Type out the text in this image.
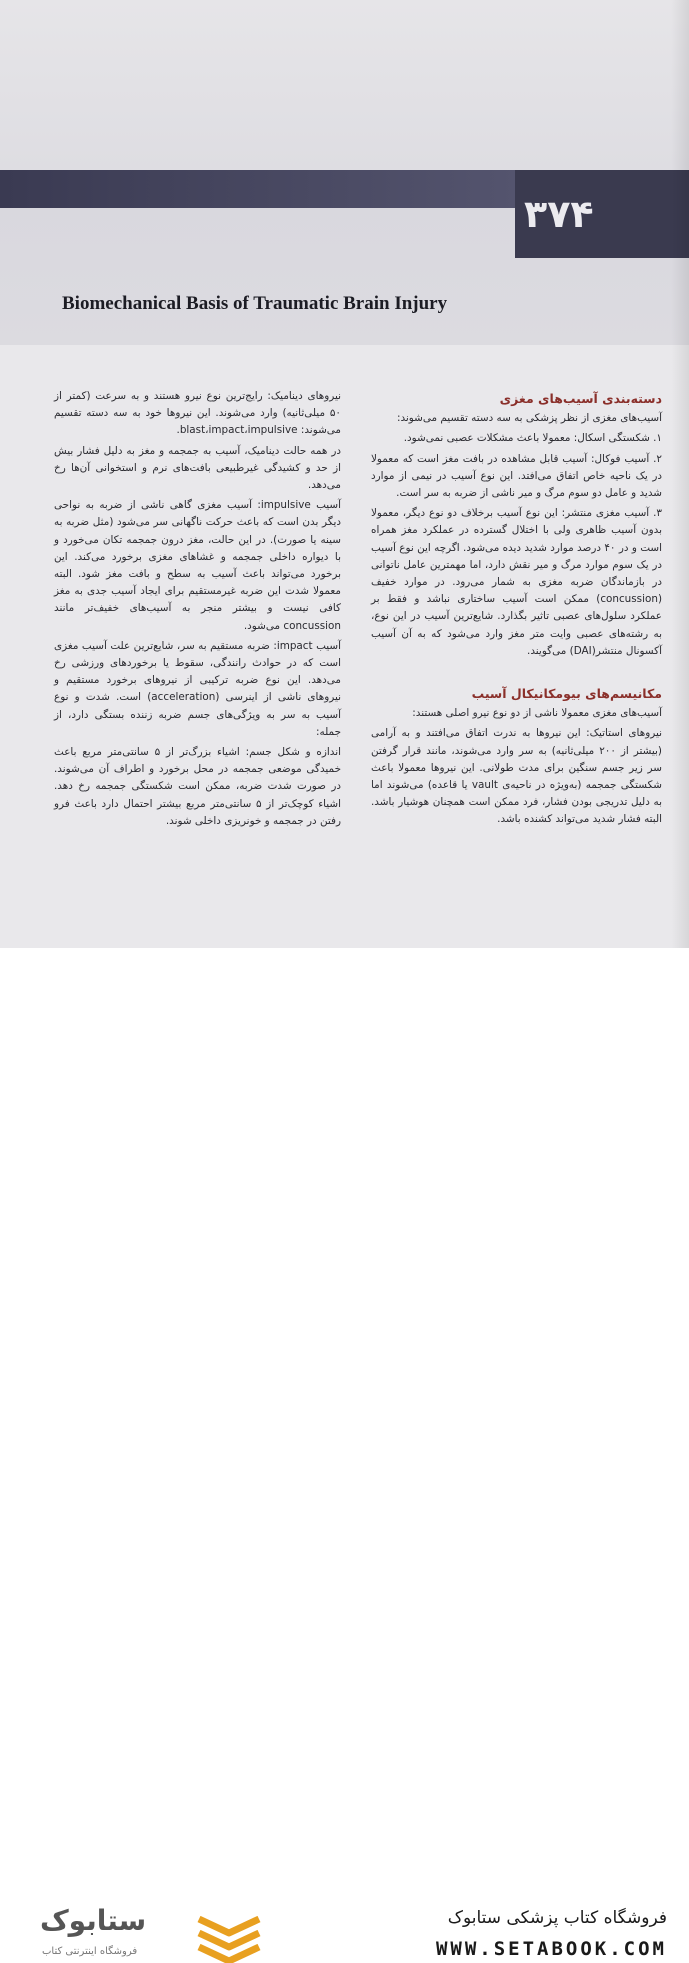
۳۷۴
Biomechanical Basis of Traumatic Brain Injury

نیروهای دینامیک: رایج‌ترین نوع نیرو هستند و به سرعت (کمتر از ۵۰ میلی‌ثانیه) وارد می‌شوند. این نیروها خود به سه دسته تقسیم می‌شوند: blast،impact،impulsive.

در همه حالت دینامیک، آسیب به جمجمه و مغز به دلیل فشار بیش از حد و کشیدگی غیرطبیعی بافت‌های نرم و استخوانی آن‌ها رخ می‌دهد.

آسیب impulsive: آسیب مغزی گاهی ناشی از ضربه به نواحی دیگر بدن است که باعث حرکت ناگهانی سر می‌شود (مثل ضربه به سینه یا صورت). در این حالت، مغز درون جمجمه تکان می‌خورد و با دیواره داخلی جمجمه و غشاهای مغزی برخورد می‌کند. این برخورد می‌تواند باعث آسیب به سطح و بافت مغز شود. البته معمولا شدت این ضربه غیرمستقیم برای ایجاد آسیب جدی به مغز کافی نیست و بیشتر منجر به آسیب‌های خفیف‌تر مانند concussion می‌شود.

آسیب impact: ضربه مستقیم به سر، شایع‌ترین علت آسیب مغزی است که در حوادث رانندگی، سقوط یا برخوردهای ورزشی رخ می‌دهد. این نوع ضربه ترکیبی از نیروهای برخورد مستقیم و نیروهای ناشی از اینرسی (acceleration) است. شدت و نوع آسیب به سر به ویژگی‌های جسم ضربه زننده بستگی دارد، از جمله:

اندازه و شکل جسم: اشیاء بزرگ‌تر از ۵ سانتی‌متر مربع باعث خمیدگی موضعی جمجمه در محل برخورد و اطراف آن می‌شوند. در صورت شدت ضربه، ممکن است شکستگی جمجمه رخ دهد. اشیاء کوچک‌تر از ۵ سانتی‌متر مربع بیشتر احتمال دارد باعث فرو رفتن در جمجمه و خونریزی داخلی شوند.

دسته‌بندی آسیب‌های مغزی

آسیب‌های مغزی از نظر پزشکی به سه دسته تقسیم می‌شوند:

۱. شکستگی اسکال: معمولا باعث مشکلات عصبی نمی‌شود.

۲. آسیب فوکال: آسیب قابل مشاهده در بافت مغز است که معمولا در یک ناحیه خاص اتفاق می‌افتد. این نوع آسیب در نیمی از موارد شدید و عامل دو سوم مرگ و میر ناشی از ضربه به سر است.

۳. آسیب مغزی منتشر: این نوع آسیب برخلاف دو نوع دیگر، معمولا بدون آسیب ظاهری ولی با اختلال گسترده در عملکرد مغز همراه است و در ۴۰ درصد موارد شدید دیده می‌شود. اگرچه این نوع آسیب در یک سوم موارد مرگ و میر نقش دارد، اما مهمترین عامل ناتوانی در بازماندگان ضربه مغزی به شمار می‌رود. در موارد خفیف (concussion) ممکن است آسیب ساختاری نباشد و فقط بر عملکرد سلول‌های عصبی تاثیر بگذارد. شایع‌ترین آسیب در این نوع، به رشته‌های عصبی وایت متر مغز وارد می‌شود که به آن آسیب آکسونال منتشر(DAI) می‌گویند.

مکانیسم‌های بیومکانیکال آسیب

آسیب‌های مغزی معمولا ناشی از دو نوع نیرو اصلی هستند:

نیروهای استاتیک: این نیروها به ندرت اتفاق می‌افتند و به آرامی (بیشتر از ۲۰۰ میلی‌ثانیه) به سر وارد می‌شوند، مانند قرار گرفتن سر زیر جسم سنگین برای مدت طولانی. این نیروها معمولا باعث شکستگی جمجمه (به‌ویژه در ناحیه‌ی vault یا قاعده) می‌شوند اما به دلیل تدریجی بودن فشار، فرد ممکن است همچنان هوشیار باشد. البته فشار شدید می‌تواند کشنده باشد.

ستابوک
فروشگاه اینترنتی کتاب
فروشگاه کتاب پزشکی ستابوک
WWW.SETABOOK.COM
